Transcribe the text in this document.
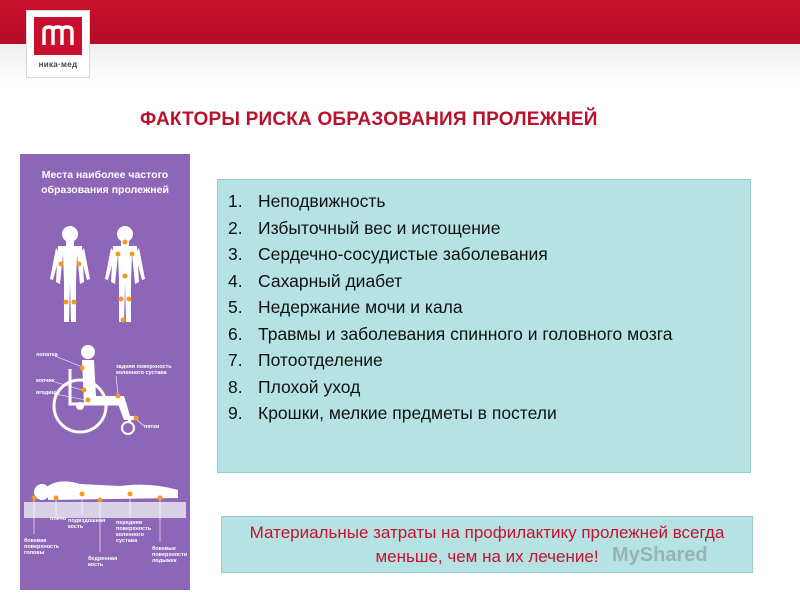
ника·мед
ФАКТОРЫ РИСКА ОБРАЗОВАНИЯ ПРОЛЕЖНЕЙ
Места наиболее частого
образования пролежней
лопатка
задняя поверхность
коленного сустава
копчик
ягодицы
пятки
плечо подвздошная
кость
передняя
поверхность
коленного
сустава
боковая
поверхность
головы
боковые
поверхности
лодыжек
бедренная
кость
1. Неподвижность
2. Избыточный вес и истощение
3. Сердечно-сосудистые заболевания
4. Сахарный диабет
5. Недержание мочи и кала
6. Травмы и заболевания спинного и головного мозга
7. Потоотделение
8. Плохой уход
9. Крошки, мелкие предметы в постели
Материальные затраты на профилактику пролежней всегда меньше, чем на их лечение! MyShared
